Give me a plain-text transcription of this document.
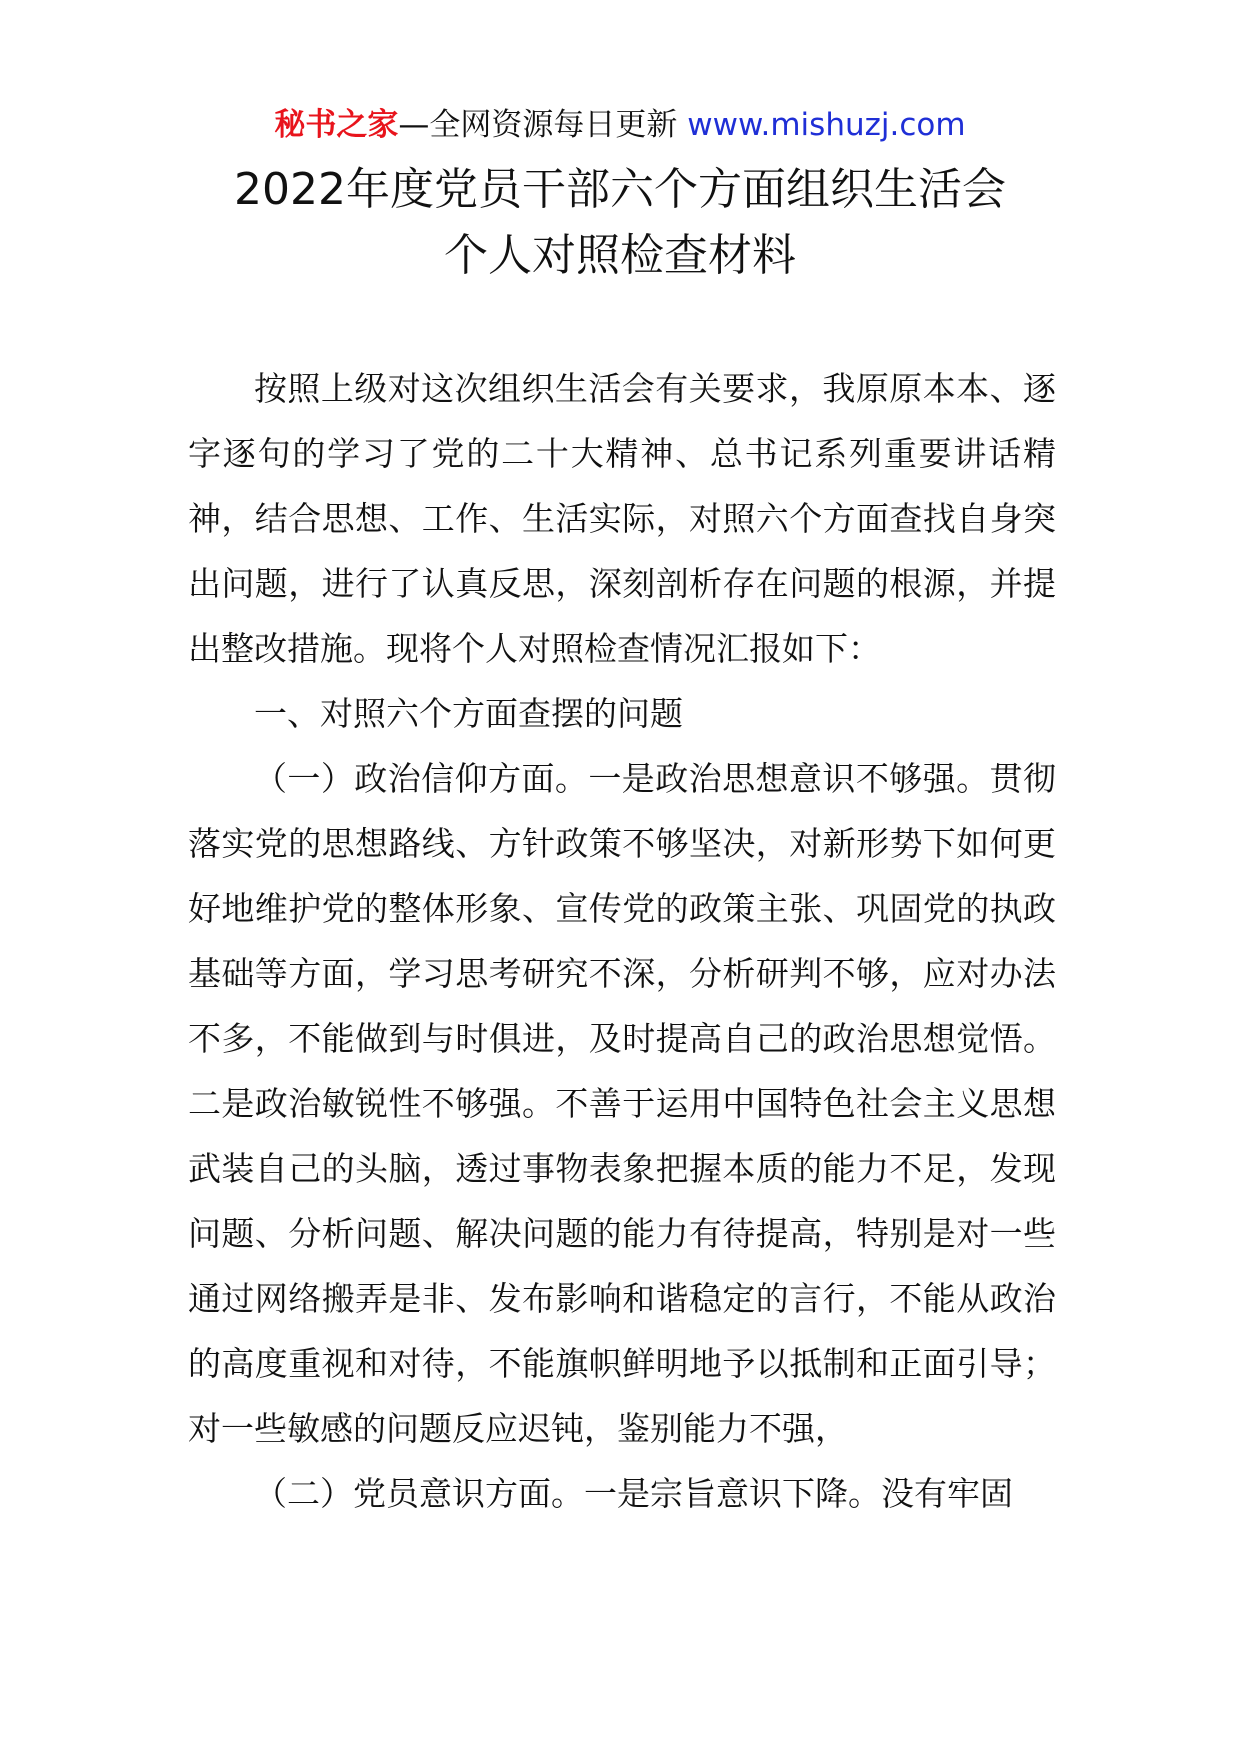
秘书之家—全网资源每日更新 www.mishuzj.com
2022年度党员干部六个方面组织生活会
个人对照检查材料

按照上级对这次组织生活会有关要求，我原原本本、逐字逐句的学习了党的二十大精神、总书记系列重要讲话精神，结合思想、工作、生活实际，对照六个方面查找自身突出问题，进行了认真反思，深刻剖析存在问题的根源，并提出整改措施。现将个人对照检查情况汇报如下：

一、对照六个方面查摆的问题

（一）政治信仰方面。一是政治思想意识不够强。贯彻落实党的思想路线、方针政策不够坚决，对新形势下如何更好地维护党的整体形象、宣传党的政策主张、巩固党的执政基础等方面，学习思考研究不深，分析研判不够，应对办法不多，不能做到与时俱进，及时提高自己的政治思想觉悟。二是政治敏锐性不够强。不善于运用中国特色社会主义思想武装自己的头脑，透过事物表象把握本质的能力不足，发现问题、分析问题、解决问题的能力有待提高，特别是对一些通过网络搬弄是非、发布影响和谐稳定的言行，不能从政治的高度重视和对待，不能旗帜鲜明地予以抵制和正面引导；对一些敏感的问题反应迟钝，鉴别能力不强，

（二）党员意识方面。一是宗旨意识下降。没有牢固
